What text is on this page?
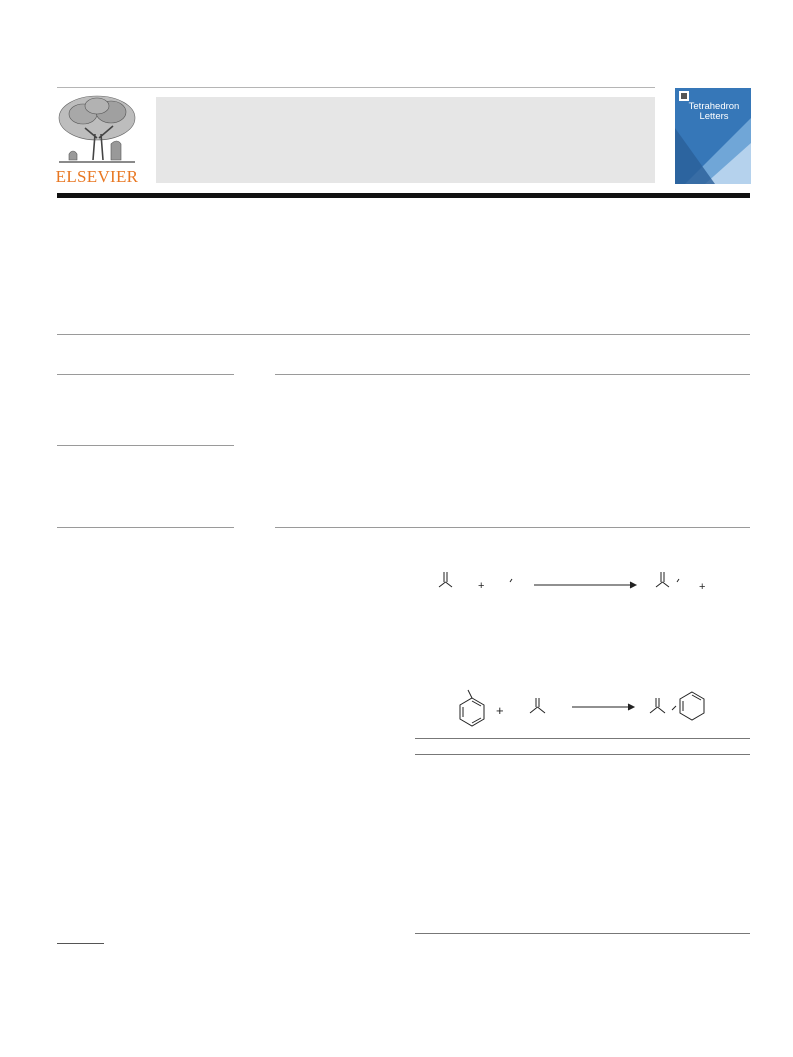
ELSEVIER
Tetrahedron
Letters
+	+
+
